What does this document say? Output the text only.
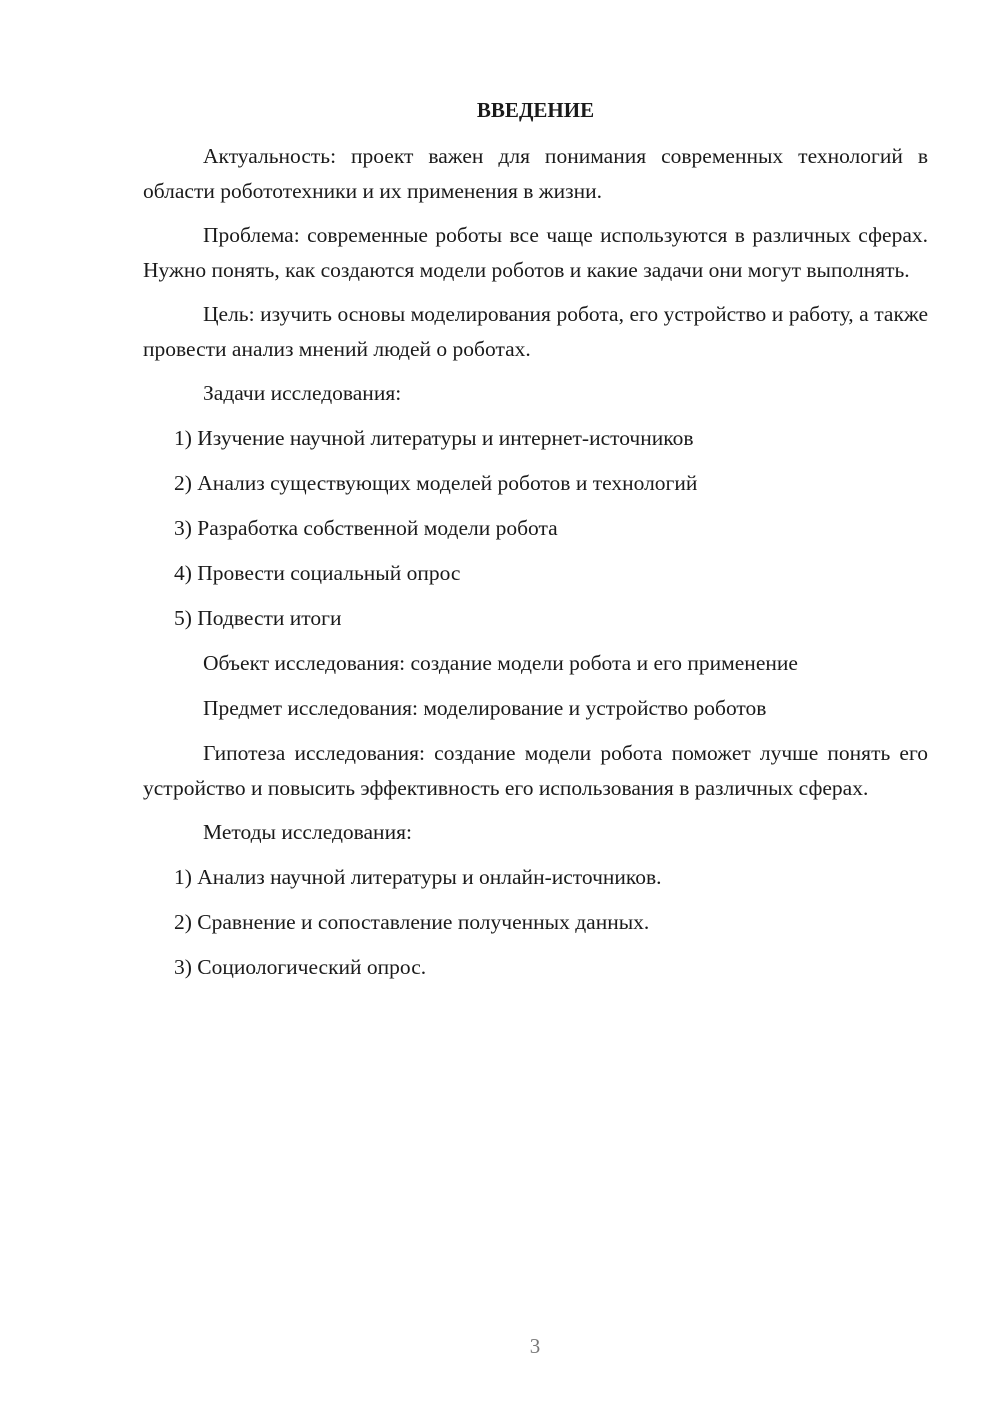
ВВЕДЕНИЕ

Актуальность: проект важен для понимания современных технологий в области робототехники и их применения в жизни.

Проблема: современные роботы все чаще используются в различных сферах. Нужно понять, как создаются модели роботов и какие задачи они могут выполнять.

Цель: изучить основы моделирования робота, его устройство и работу, а также провести анализ мнений людей о роботах.

Задачи исследования:
1) Изучение научной литературы и интернет-источников
2) Анализ существующих моделей роботов и технологий
3) Разработка собственной модели робота
4) Провести социальный опрос
5) Подвести итоги
Объект исследования: создание модели робота и его применение
Предмет исследования: моделирование и устройство роботов

Гипотеза исследования: создание модели робота поможет лучше понять его устройство и повысить эффективность его использования в различных сферах.

Методы исследования:
1) Анализ научной литературы и онлайн-источников.
2) Сравнение и сопоставление полученных данных.
3) Социологический опрос.
3
